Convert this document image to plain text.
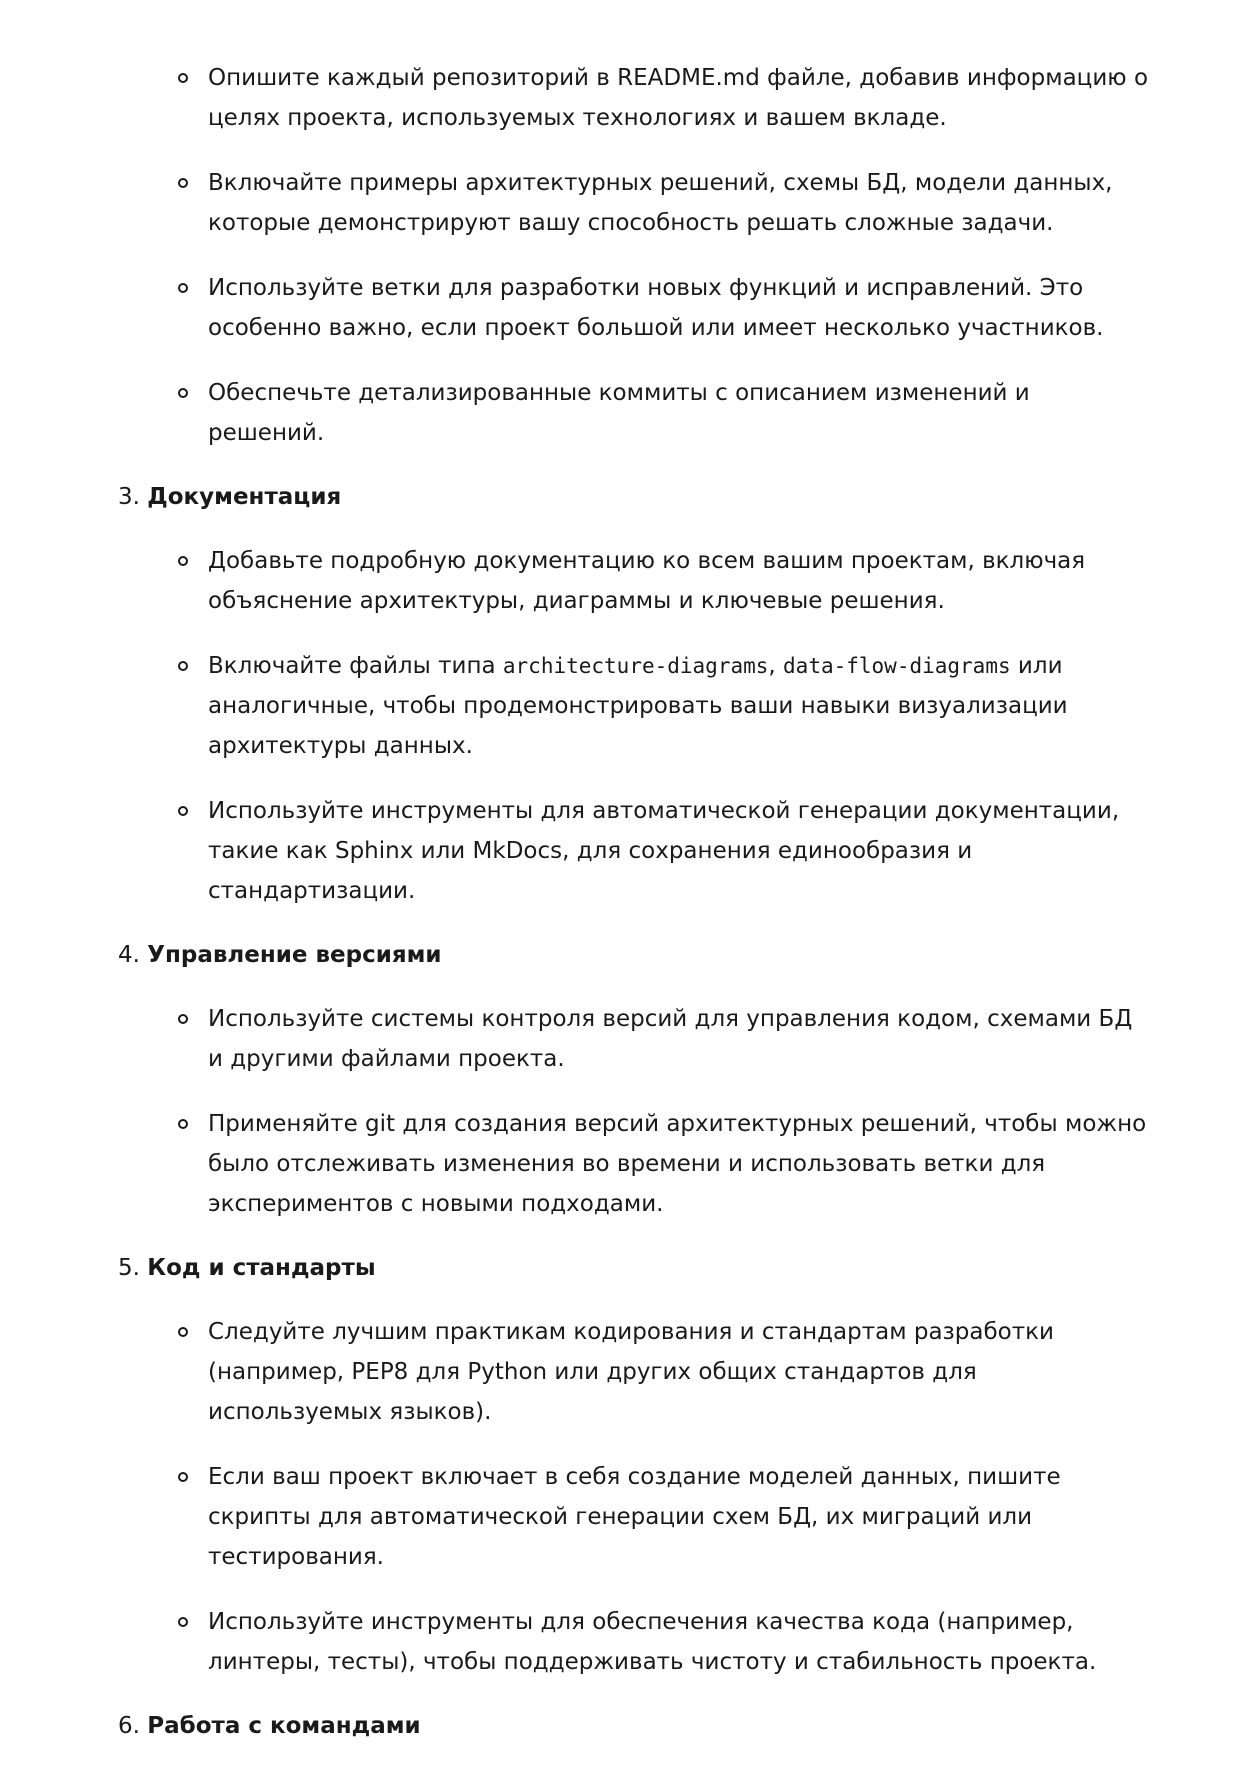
Опишите каждый репозиторий в README.md файле, добавив информацию о целях проекта, используемых технологиях и вашем вкладе.
Включайте примеры архитектурных решений, схемы БД, модели данных, которые демонстрируют вашу способность решать сложные задачи.
Используйте ветки для разработки новых функций и исправлений. Это особенно важно, если проект большой или имеет несколько участников.
Обеспечьте детализированные коммиты с описанием изменений и решений.
3. Документация
Добавьте подробную документацию ко всем вашим проектам, включая объяснение архитектуры, диаграммы и ключевые решения.
Включайте файлы типа architecture-diagrams, data-flow-diagrams или аналогичные, чтобы продемонстрировать ваши навыки визуализации архитектуры данных.
Используйте инструменты для автоматической генерации документации, такие как Sphinx или MkDocs, для сохранения единообразия и стандартизации.
4. Управление версиями
Используйте системы контроля версий для управления кодом, схемами БД и другими файлами проекта.
Применяйте git для создания версий архитектурных решений, чтобы можно было отслеживать изменения во времени и использовать ветки для экспериментов с новыми подходами.
5. Код и стандарты
Следуйте лучшим практикам кодирования и стандартам разработки (например, PEP8 для Python или других общих стандартов для используемых языков).
Если ваш проект включает в себя создание моделей данных, пишите скрипты для автоматической генерации схем БД, их миграций или тестирования.
Используйте инструменты для обеспечения качества кода (например, линтеры, тесты), чтобы поддерживать чистоту и стабильность проекта.
6. Работа с командами
